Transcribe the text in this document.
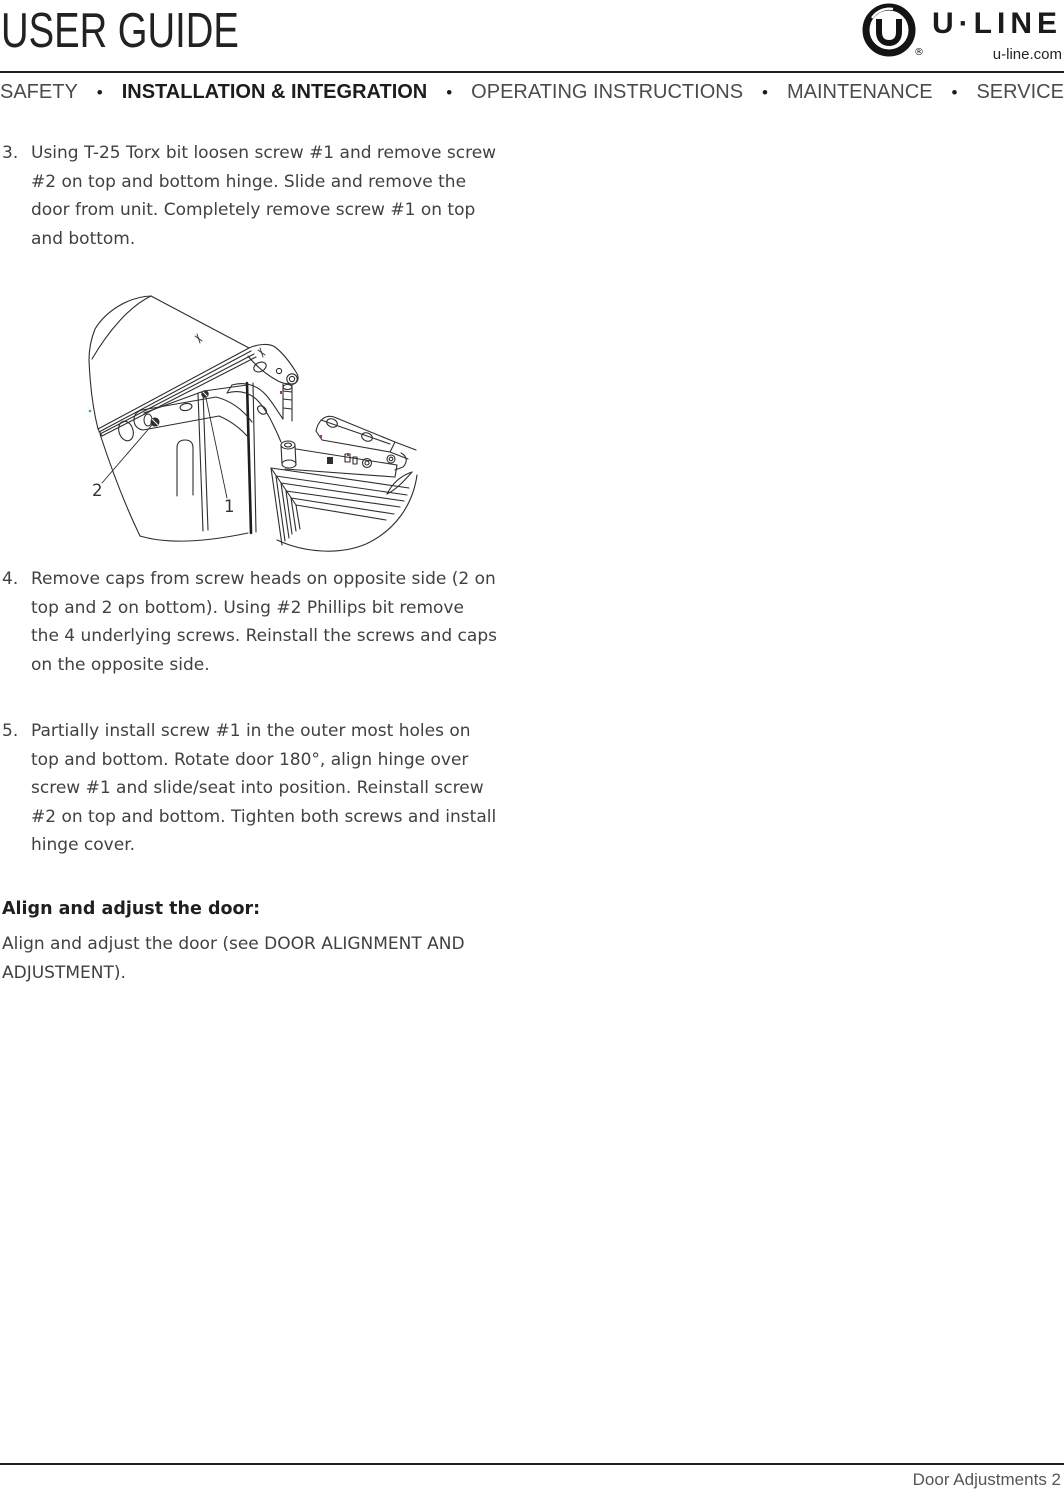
USER GUIDE	®
U·LINE
u-line.com
SAFETY • INSTALLATION & INTEGRATION • OPERATING INSTRUCTIONS • MAINTENANCE • SERVICE
3. Using T-25 Torx bit loosen screw #1 and remove screw #2 on top and bottom hinge. Slide and remove the door from unit. Completely remove screw #1 on top and bottom.
2
1
4. Remove caps from screw heads on opposite side (2 on top and 2 on bottom). Using #2 Phillips bit remove the 4 underlying screws. Reinstall the screws and caps on the opposite side.
5. Partially install screw #1 in the outer most holes on top and bottom. Rotate door 180°, align hinge over screw #1 and slide/seat into position. Reinstall screw #2 on top and bottom. Tighten both screws and install hinge cover.
Align and adjust the door:
Align and adjust the door (see DOOR ALIGNMENT AND ADJUSTMENT).
Door Adjustments 2
